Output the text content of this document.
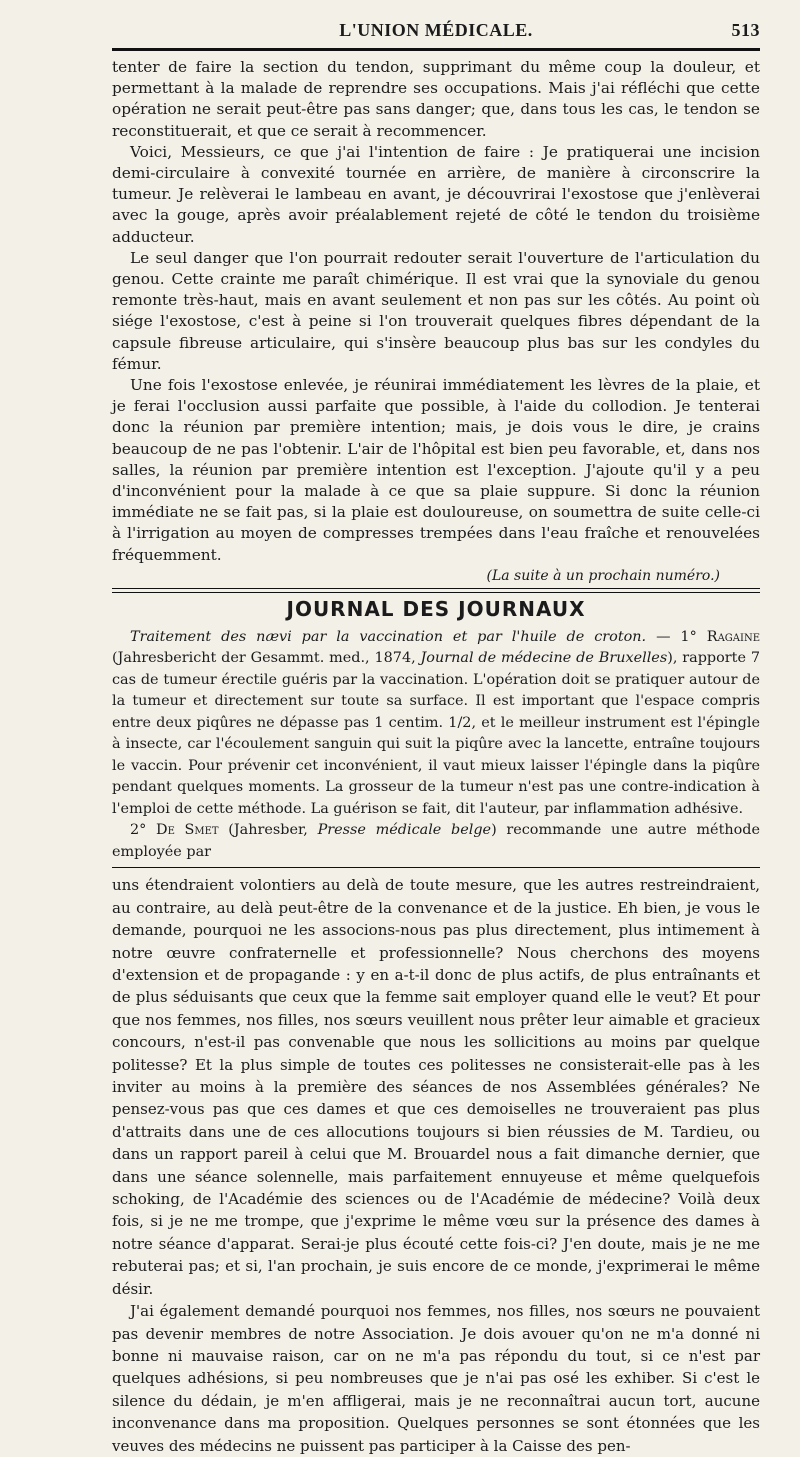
L'UNION MÉDICALE.	513

tenter de faire la section du tendon, supprimant du même coup la douleur, et permettant à la malade de reprendre ses occupations. Mais j'ai réfléchi que cette opération ne serait peut-être pas sans danger; que, dans tous les cas, le tendon se reconstituerait, et que ce serait à recommencer.

Voici, Messieurs, ce que j'ai l'intention de faire : Je pratiquerai une incision demi-circulaire à convexité tournée en arrière, de manière à circonscrire la tumeur. Je relèverai le lambeau en avant, je découvrirai l'exostose que j'enlèverai avec la gouge, après avoir préalablement rejeté de côté le tendon du troisième adducteur.

Le seul danger que l'on pourrait redouter serait l'ouverture de l'articulation du genou. Cette crainte me paraît chimérique. Il est vrai que la synoviale du genou remonte très-haut, mais en avant seulement et non pas sur les côtés. Au point où siége l'exostose, c'est à peine si l'on trouverait quelques fibres dépendant de la capsule fibreuse articulaire, qui s'insère beaucoup plus bas sur les condyles du fémur.

Une fois l'exostose enlevée, je réunirai immédiatement les lèvres de la plaie, et je ferai l'occlusion aussi parfaite que possible, à l'aide du collodion. Je tenterai donc la réunion par première intention; mais, je dois vous le dire, je crains beaucoup de ne pas l'obtenir. L'air de l'hôpital est bien peu favorable, et, dans nos salles, la réunion par première intention est l'exception. J'ajoute qu'il y a peu d'inconvénient pour la malade à ce que sa plaie suppure. Si donc la réunion immédiate ne se fait pas, si la plaie est douloureuse, on soumettra de suite celle-ci à l'irrigation au moyen de compresses trempées dans l'eau fraîche et renouvelées fréquemment.

(La suite à un prochain numéro.)
JOURNAL DES JOURNAUX

Traitement des nævi par la vaccination et par l'huile de croton. — 1° Ragaine (Jahresbericht der Gesammt. med., 1874, Journal de médecine de Bruxelles), rapporte 7 cas de tumeur érectile guéris par la vaccination. L'opération doit se pratiquer autour de la tumeur et directement sur toute sa surface. Il est important que l'espace compris entre deux piqûres ne dépasse pas 1 centim. 1/2, et le meilleur instrument est l'épingle à insecte, car l'écoulement sanguin qui suit la piqûre avec la lancette, entraîne toujours le vaccin. Pour prévenir cet inconvénient, il vaut mieux laisser l'épingle dans la piqûre pendant quelques moments. La grosseur de la tumeur n'est pas une contre-indication à l'emploi de cette méthode. La guérison se fait, dit l'auteur, par inflammation adhésive.

2° De Smet (Jahresber, Presse médicale belge) recommande une autre méthode employée par

uns étendraient volontiers au delà de toute mesure, que les autres restreindraient, au contraire, au delà peut-être de la convenance et de la justice. Eh bien, je vous le demande, pourquoi ne les associons-nous pas plus directement, plus intimement à notre œuvre confraternelle et professionnelle? Nous cherchons des moyens d'extension et de propagande : y en a-t-il donc de plus actifs, de plus entraînants et de plus séduisants que ceux que la femme sait employer quand elle le veut? Et pour que nos femmes, nos filles, nos sœurs veuillent nous prêter leur aimable et gracieux concours, n'est-il pas convenable que nous les sollicitions au moins par quelque politesse? Et la plus simple de toutes ces politesses ne consisterait-elle pas à les inviter au moins à la première des séances de nos Assemblées générales? Ne pensez-vous pas que ces dames et que ces demoiselles ne trouveraient pas plus d'attraits dans une de ces allocutions toujours si bien réussies de M. Tardieu, ou dans un rapport pareil à celui que M. Brouardel nous a fait dimanche dernier, que dans une séance solennelle, mais parfaitement ennuyeuse et même quelquefois schoking, de l'Académie des sciences ou de l'Académie de médecine? Voilà deux fois, si je ne me trompe, que j'exprime le même vœu sur la présence des dames à notre séance d'apparat. Serai-je plus écouté cette fois-ci? J'en doute, mais je ne me rebuterai pas; et si, l'an prochain, je suis encore de ce monde, j'exprimerai le même désir.

J'ai également demandé pourquoi nos femmes, nos filles, nos sœurs ne pouvaient pas devenir membres de notre Association. Je dois avouer qu'on ne m'a donné ni bonne ni mauvaise raison, car on ne m'a pas répondu du tout, si ce n'est par quelques adhésions, si peu nombreuses que je n'ai pas osé les exhiber. Si c'est le silence du dédain, je m'en affligerai, mais je ne reconnaîtrai aucun tort, aucune inconvenance dans ma proposition. Quelques personnes se sont étonnées que les veuves des médecins ne puissent pas participer à la Caisse des pen-
